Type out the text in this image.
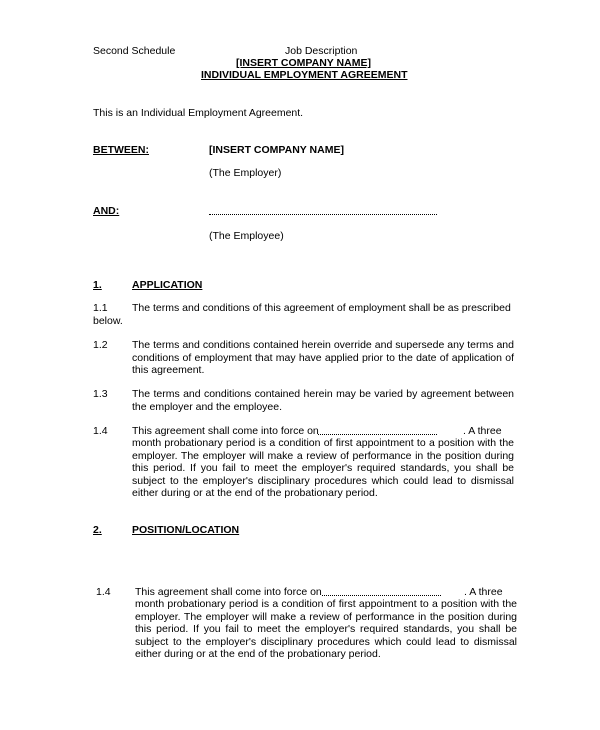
Second Schedule	Job Description
[INSERT COMPANY NAME]
INDIVIDUAL EMPLOYMENT AGREEMENT
This is an Individual Employment Agreement.
BETWEEN:	[INSERT COMPANY NAME]
(The Employer)
AND:
(The Employee)
1.	APPLICATION
1.1 The terms and conditions of this agreement of employment shall be as prescribed
below.
1.2 The terms and conditions contained herein override and supersede any terms and conditions of employment that may have applied prior to the date of application of this agreement.
1.3 The terms and conditions contained herein may be varied by agreement between the employer and the employee.
1.4 This agreement shall come into force on	. A three
month probationary period is a condition of first appointment to a position with the employer. The employer will make a review of performance in the position during this period. If you fail to meet the employer's required standards, you shall be subject to the employer's disciplinary procedures which could lead to dismissal either during or at the end of the probationary period.
2.	POSITION/LOCATION
1.4 This agreement shall come into force on	. A three
month probationary period is a condition of first appointment to a position with the employer. The employer will make a review of performance in the position during this period. If you fail to meet the employer's required standards, you shall be subject to the employer's disciplinary procedures which could lead to dismissal either during or at the end of the probationary period.
